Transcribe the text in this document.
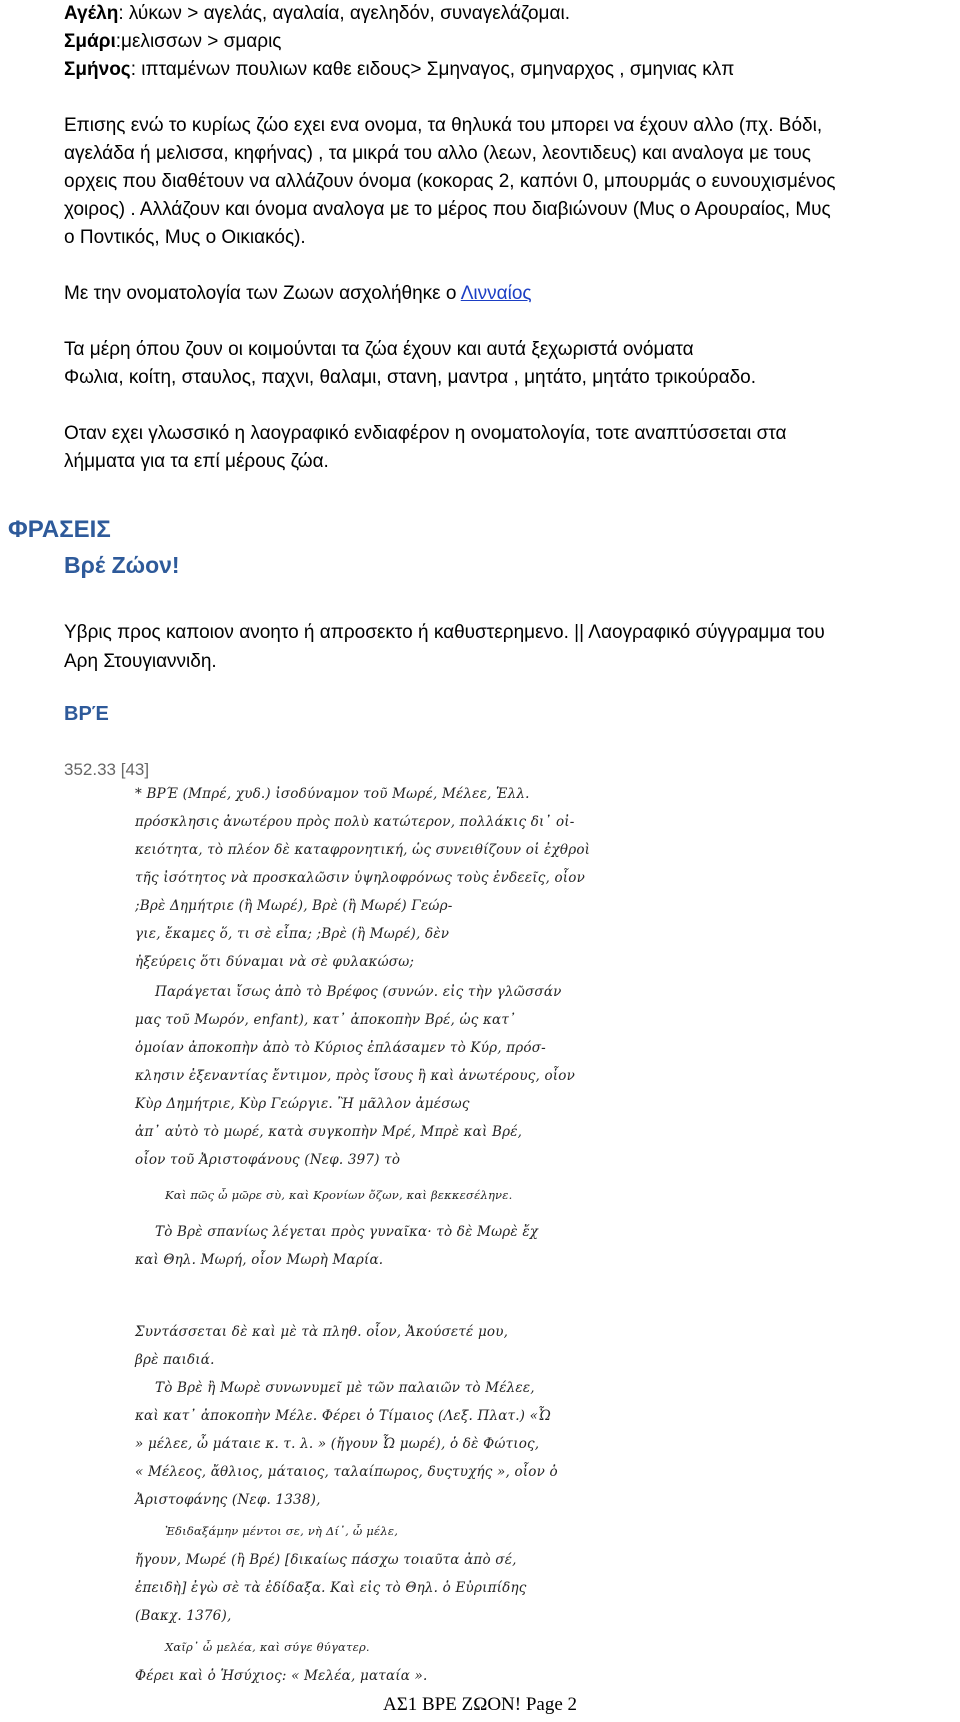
Αγέλη: λύκων > αγελάς, αγαλαία, αγεληδόν, συναγελάζομαι.
Σμάρι:μελισσων > σμαρις
Σμήνος: ιπταμένων πουλιων καθε ειδους> Σμηναγος, σμηναρχος , σμηνιας κλπ
Επισης ενώ το κυρίως ζώο εχει ενα ονομα, τα θηλυκά του μπορει να έχουν αλλο (πχ. Βόδι,
αγελάδα ή μελισσα, κηφήνας) , τα μικρά του αλλο (λεων, λεοντιδευς) και αναλογα με τους
ορχεις που διαθέτουν να αλλάζουν όνομα (κοκορας 2, καπόνι 0, μπουρμάς ο ευνουχισμένος
χοιρος) . Αλλάζουν και όνομα αναλογα με το μέρος που διαβιώνουν (Μυς ο Αρουραίος, Μυς
ο Ποντικός, Μυς ο Οικιακός).
Με την ονοματολογία των Ζωων ασχολήθηκε ο Λινναίος
Τα μέρη όπου ζουν οι κοιμούνται τα ζώα έχουν και αυτά ξεχωριστά ονόματα
Φωλια, κοίτη, σταυλος, παχνι, θαλαμι, στανη, μαντρα , μητάτο, μητάτο τρικούραδο.
Οταν εχει γλωσσικό η λαογραφικό ενδιαφέρον η ονοματολογία, τοτε αναπτύσσεται στα
λήμματα για τα επί μέρους ζώα.
ΦΡΑΣΕΙΣ
Βρέ Ζώον!
Υβρις προς καποιον ανοητο ή απροσεκτο ή καθυστερημενο. || Λαογραφικό σύγγραμμα του
Αρη Στουγιαννιδη.
ΒΡΈ
352.33 [43]
* ΒΡΈ (Μπρέ, χυδ.) ἰσοδύναμον τοῦ Μωρέ, Μέλεε, Ἑλλ.
πρόσκλησις ἀνωτέρου πρὸς πολὺ κατώτερον, πολλάκις δι᾽ οἰ-
κειότητα, τὸ πλέον δὲ καταφρονητική, ὡς συνειθίζουν οἱ ἐχθροὶ
τῆς ἰσότητος νὰ προσκαλῶσιν ὑψηλοφρόνως τοὺς ἐνδεεῖς, οἷον
;Βρὲ Δημήτριε (ἢ Μωρέ), Βρὲ (ἢ Μωρέ) Γεώρ-
γιε, ἔκαμες ὅ, τι σὲ εἶπα; ;Βρὲ (ἢ Μωρέ), δὲν
ἠξεύρεις ὅτι δύναμαι νὰ σὲ φυλακώσω;
Παράγεται ἴσως ἀπὸ τὸ Βρέφος (συνών. εἰς τὴν γλῶσσάν
μας τοῦ Μωρόν, enfant), κατ᾽ ἀποκοπὴν Βρέ, ὡς κατ᾽
ὁμοίαν ἀποκοπὴν ἀπὸ τὸ Κύριος ἐπλάσαμεν τὸ Κύρ, πρόσ-
κλησιν ἐξεναντίας ἔντιμον, πρὸς ἴσους ἢ καὶ ἀνωτέρους, οἷον
Κὺρ Δημήτριε, Κὺρ Γεώργιε. Ἢ μᾶλλον ἀμέσως
ἀπ᾽ αὐτὸ τὸ μωρέ, κατὰ συγκοπὴν Μρέ, Μπρὲ καὶ Βρέ,
οἷον τοῦ Ἀριστοφάνους (Νεφ. 397) τὸ
Καὶ πῶς ὦ μῶρε σὺ, καὶ Κρονίων ὄζων, καὶ βεκκεσέληνε.
Τὸ Βρὲ σπανίως λέγεται πρὸς γυναῖκα· τὸ δὲ Μωρὲ ἔχ
καὶ Θηλ. Μωρή, οἷον Μωρὴ Μαρία.
Συντάσσεται δὲ καὶ μὲ τὰ πληθ. οἷον, Ἀκούσετέ μου,
βρὲ παιδιά.
Τὸ Βρὲ ἢ Μωρὲ συνωνυμεῖ μὲ τῶν παλαιῶν τὸ Μέλεε,
καὶ κατ᾽ ἀποκοπὴν Μέλε. Φέρει ὁ Τίμαιος (Λεξ. Πλατ.) «Ὦ
» μέλεε, ὦ μάταιε κ. τ. λ. » (ἤγουν Ὦ μωρέ), ὁ δὲ Φώτιος,
« Μέλεος, ἄθλιος, μάταιος, ταλαίπωρος, δυςτυχής », οἷον ὁ
Ἀριστοφάνης (Νεφ. 1338),
Ἐδιδαξάμην μέντοι σε, νὴ Δί᾽, ὦ μέλε,
ἤγουν, Μωρέ (ἢ Βρέ) [δικαίως πάσχω τοιαῦτα ἀπὸ σέ,
ἐπειδὴ] ἐγὼ σὲ τὰ ἐδίδαξα. Καὶ εἰς τὸ Θηλ. ὁ Εὐριπίδης
(Βακχ. 1376),
Χαῖρ᾽ ὦ μελέα, καὶ σύγε θύγατερ.
Φέρει καὶ ὁ Ἡσύχιος: « Μελέα, ματαία ».
ΑΣ1 ΒΡΕ ΖΩΟΝ! Page 2
